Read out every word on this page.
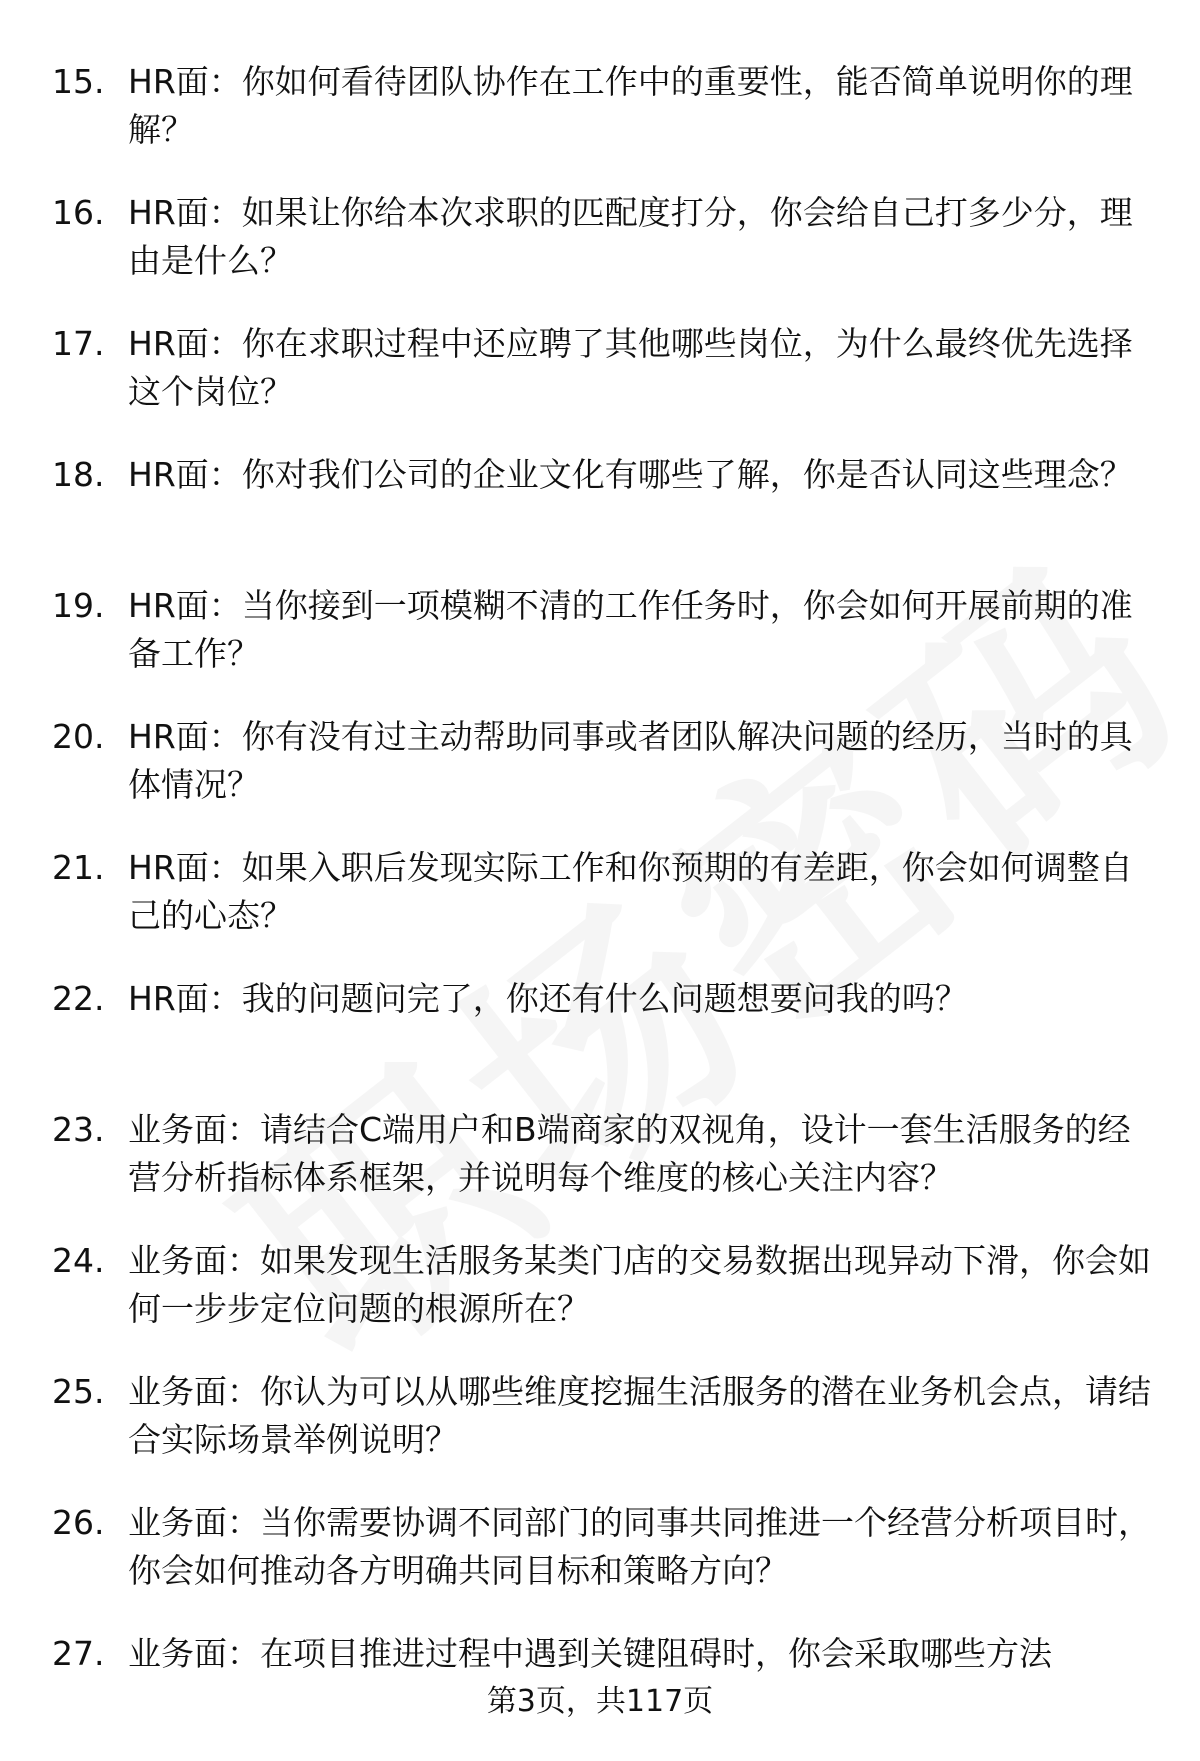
15. HR面：你如何看待团队协作在工作中的重要性，能否简单说明你的理解？
16. HR面：如果让你给本次求职的匹配度打分，你会给自己打多少分，理由是什么？
17. HR面：你在求职过程中还应聘了其他哪些岗位，为什么最终优先选择这个岗位？
18. HR面：你对我们公司的企业文化有哪些了解，你是否认同这些理念？
19. HR面：当你接到一项模糊不清的工作任务时，你会如何开展前期的准备工作？
20. HR面：你有没有过主动帮助同事或者团队解决问题的经历，当时的具体情况？
21. HR面：如果入职后发现实际工作和你预期的有差距，你会如何调整自己的心态？
22. HR面：我的问题问完了，你还有什么问题想要问我的吗？
23. 业务面：请结合C端用户和B端商家的双视角，设计一套生活服务的经营分析指标体系框架，并说明每个维度的核心关注内容？
24. 业务面：如果发现生活服务某类门店的交易数据出现异动下滑，你会如何一步步定位问题的根源所在？
25. 业务面：你认为可以从哪些维度挖掘生活服务的潜在业务机会点，请结合实际场景举例说明？
26. 业务面：当你需要协调不同部门的同事共同推进一个经营分析项目时，你会如何推动各方明确共同目标和策略方向？
27. 业务面：在项目推进过程中遇到关键阻碍时，你会采取哪些方法
第3页，共117页
